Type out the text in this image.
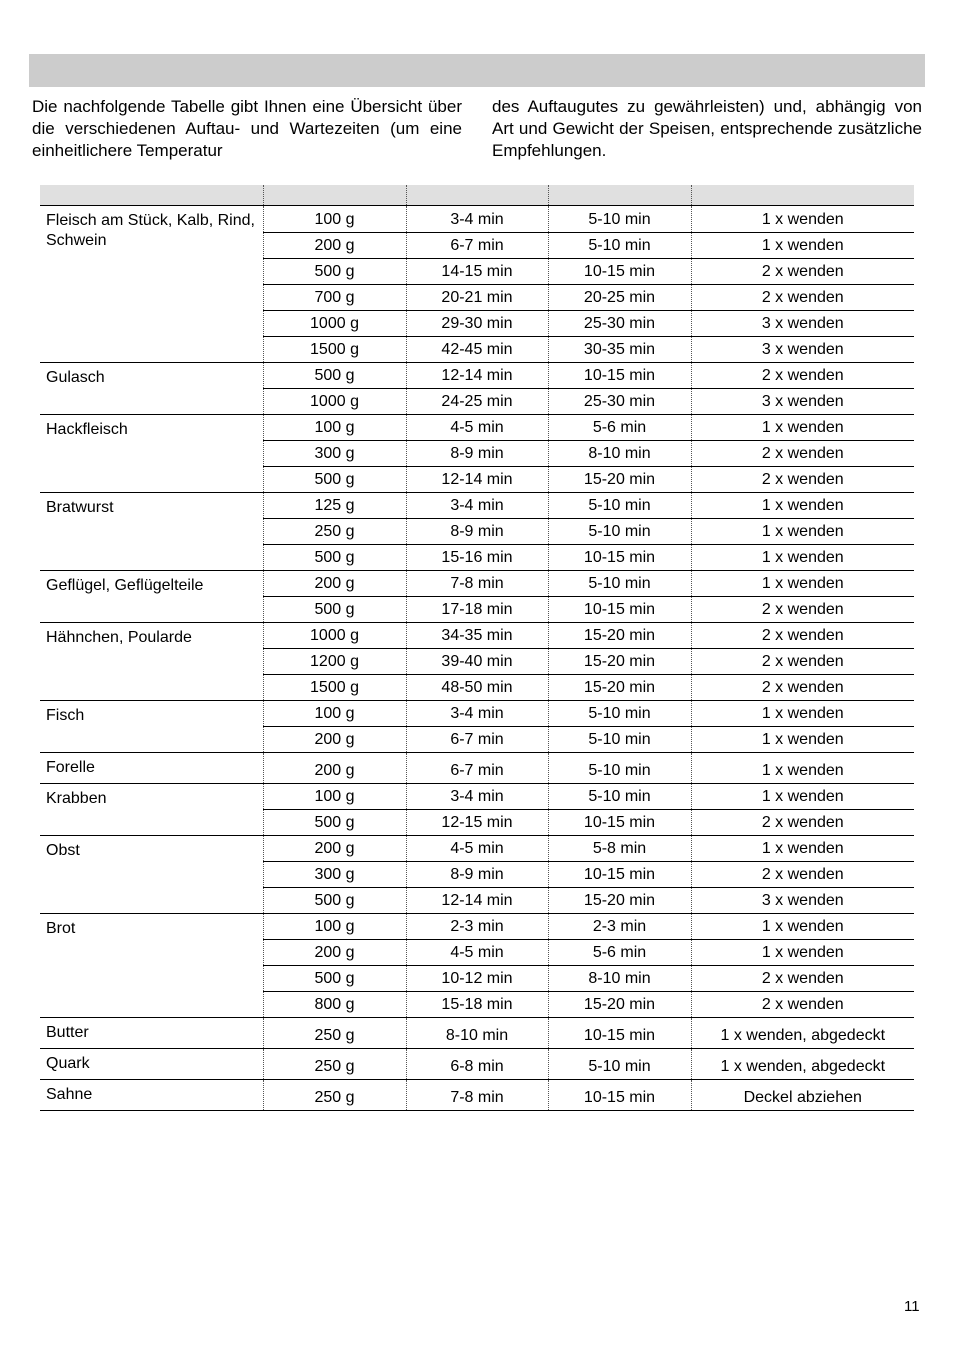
Die nachfolgende Tabelle gibt Ihnen eine Übersicht über die verschiedenen Auftau- und Wartezeiten (um eine einheitlichere Temperatur
des Auftaugutes zu gewährleisten) und, abhängig von Art und Gewicht der Speisen, entsprechende zusätzliche Empfehlungen.

Fleisch am Stück, Kalb, Rind, Schwein	100 g	3-4 min	5-10 min	1 x wenden
	200 g	6-7 min	5-10 min	1 x wenden
	500 g	14-15 min	10-15 min	2 x wenden
	700 g	20-21 min	20-25 min	2 x wenden
	1000 g	29-30 min	25-30 min	3 x wenden
	1500 g	42-45 min	30-35 min	3 x wenden
Gulasch	500 g	12-14 min	10-15 min	2 x wenden
	1000 g	24-25 min	25-30 min	3 x wenden
Hackfleisch	100 g	4-5 min	5-6 min	1 x wenden
	300 g	8-9 min	8-10 min	2 x wenden
	500 g	12-14 min	15-20 min	2 x wenden
Bratwurst	125 g	3-4 min	5-10 min	1 x wenden
	250 g	8-9 min	5-10 min	1 x wenden
	500 g	15-16 min	10-15 min	1 x wenden
Geflügel, Geflügelteile	200 g	7-8 min	5-10 min	1 x wenden
	500 g	17-18 min	10-15 min	2 x wenden
Hähnchen, Poularde	1000 g	34-35 min	15-20 min	2 x wenden
	1200 g	39-40 min	15-20 min	2 x wenden
	1500 g	48-50 min	15-20 min	2 x wenden
Fisch	100 g	3-4 min	5-10 min	1 x wenden
	200 g	6-7 min	5-10 min	1 x wenden
Forelle	200 g	6-7 min	5-10 min	1 x wenden
Krabben	100 g	3-4 min	5-10 min	1 x wenden
	500 g	12-15 min	10-15 min	2 x wenden
Obst	200 g	4-5 min	5-8 min	1 x wenden
	300 g	8-9 min	10-15 min	2 x wenden
	500 g	12-14 min	15-20 min	3 x wenden
Brot	100 g	2-3 min	2-3 min	1 x wenden
	200 g	4-5 min	5-6 min	1 x wenden
	500 g	10-12 min	8-10 min	2 x wenden
	800 g	15-18 min	15-20 min	2 x wenden
Butter	250 g	8-10 min	10-15 min	1 x wenden, abgedeckt
Quark	250 g	6-8 min	5-10 min	1 x wenden, abgedeckt
Sahne	250 g	7-8 min	10-15 min	Deckel abziehen
11
